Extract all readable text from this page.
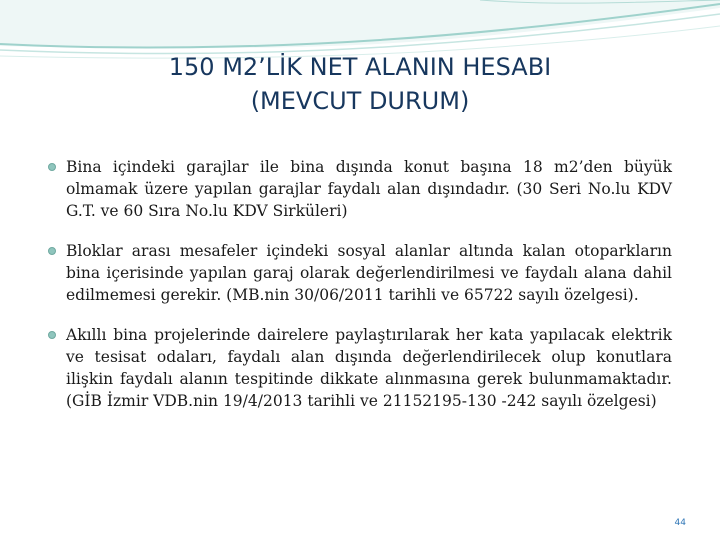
150 M2’LİK NET ALANIN HESABI
(MEVCUT DURUM)
Bina içindeki garajlar ile bina dışında konut başına 18 m2’den büyük olmamak üzere yapılan garajlar faydalı alan dışındadır. (30 Seri No.lu KDV G.T. ve 60 Sıra No.lu KDV Sirküleri)
Bloklar arası mesafeler içindeki sosyal alanlar altında kalan otoparkların bina içerisinde yapılan garaj olarak değerlendirilmesi ve faydalı alana dahil edilmemesi gerekir. (MB.nin 30/06/2011 tarihli ve 65722 sayılı özelgesi).
Akıllı bina projelerinde dairelere paylaştırılarak her kata yapılacak elektrik ve tesisat odaları, faydalı alan dışında değerlendirilecek olup konutlara ilişkin faydalı alanın tespitinde dikkate alınmasına gerek bulunmamaktadır. (GİB İzmir VDB.nin 19/4/2013 tarihli ve 21152195-130 -242 sayılı özelgesi)
44
